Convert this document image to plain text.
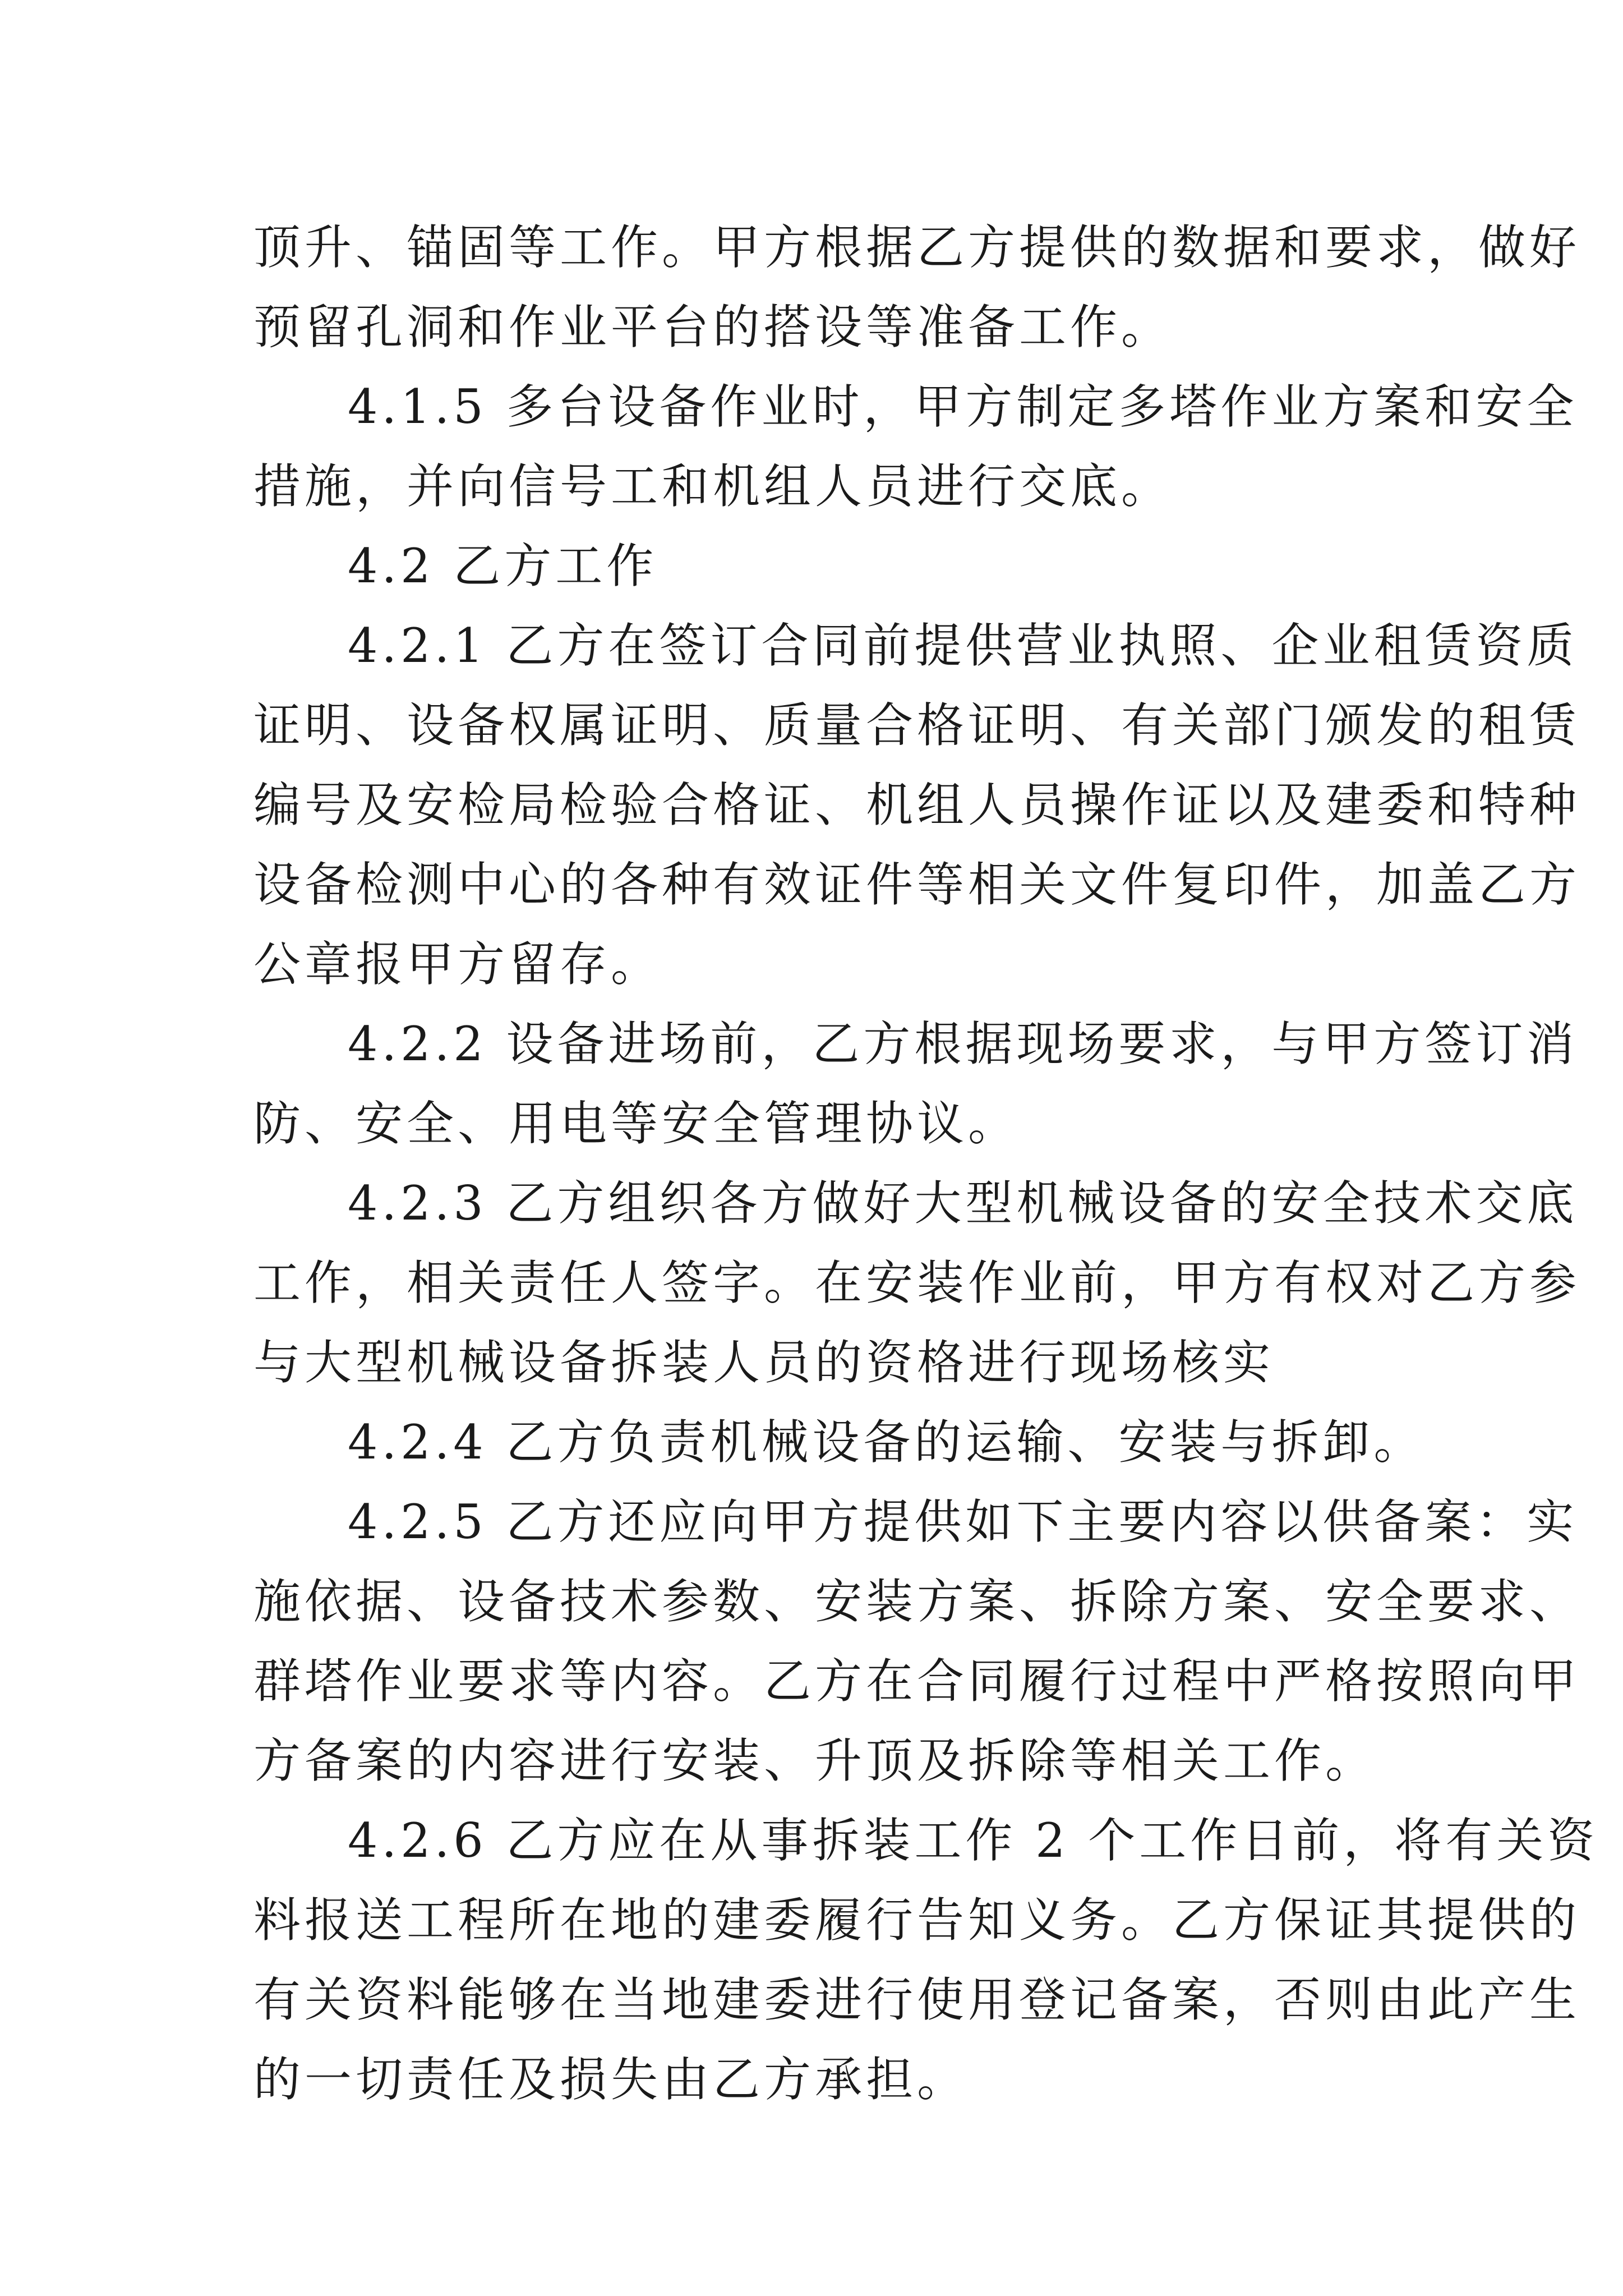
顶升、锚固等工作。甲方根据乙方提供的数据和要求，做好
预留孔洞和作业平台的搭设等准备工作。
4.1.5 多台设备作业时，甲方制定多塔作业方案和安全
措施，并向信号工和机组人员进行交底。
4.2 乙方工作
4.2.1 乙方在签订合同前提供营业执照、企业租赁资质
证明、设备权属证明、质量合格证明、有关部门颁发的租赁
编号及安检局检验合格证、机组人员操作证以及建委和特种
设备检测中心的各种有效证件等相关文件复印件，加盖乙方
公章报甲方留存。
4.2.2 设备进场前，乙方根据现场要求，与甲方签订消
防、安全、用电等安全管理协议。
4.2.3 乙方组织各方做好大型机械设备的安全技术交底
工作，相关责任人签字。在安装作业前，甲方有权对乙方参
与大型机械设备拆装人员的资格进行现场核实
4.2.4 乙方负责机械设备的运输、安装与拆卸。
4.2.5 乙方还应向甲方提供如下主要内容以供备案：实
施依据、设备技术参数、安装方案、拆除方案、安全要求、
群塔作业要求等内容。乙方在合同履行过程中严格按照向甲
方备案的内容进行安装、升顶及拆除等相关工作。
4.2.6 乙方应在从事拆装工作 2 个工作日前，将有关资
料报送工程所在地的建委履行告知义务。乙方保证其提供的
有关资料能够在当地建委进行使用登记备案，否则由此产生
的一切责任及损失由乙方承担。
